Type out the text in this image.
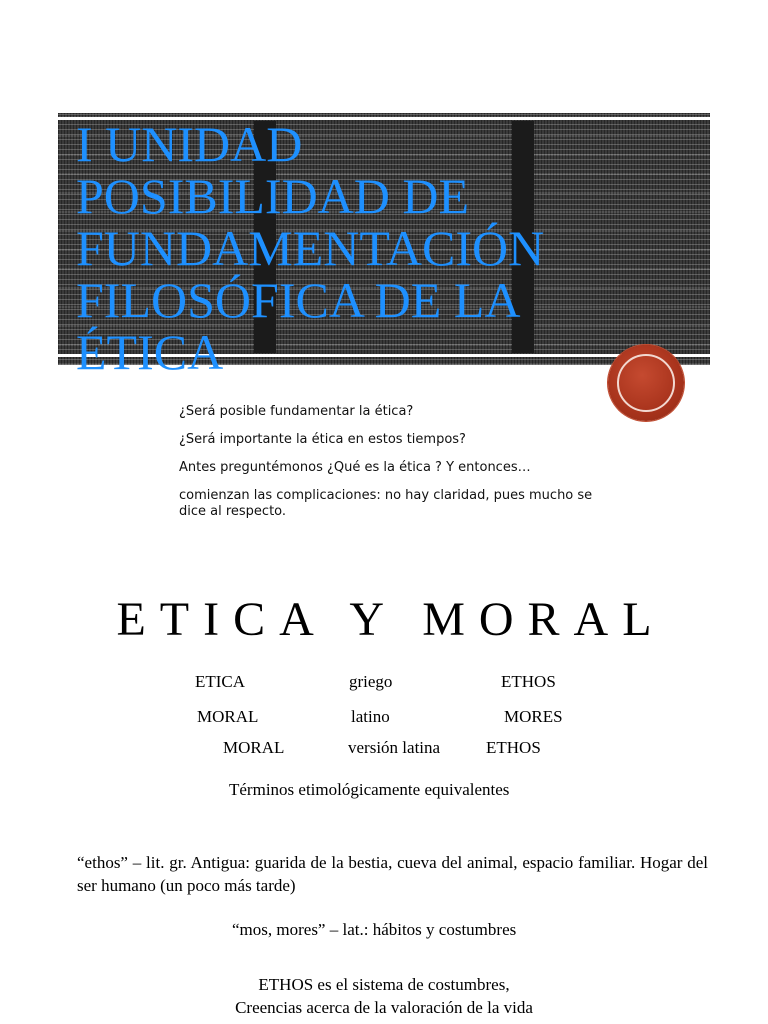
I UNIDAD
POSIBILIDAD DE
FUNDAMENTACIÓN
FILOSÓFICA DE LA
ÉTICA

¿Será posible fundamentar la ética?

¿Será importante la ética en estos tiempos?

Antes preguntémonos ¿Qué es la ética ? Y entonces…

comienzan las complicaciones: no hay claridad, pues mucho se dice al respecto.

ETICA Y MORAL
ETICA	griego	ETHOS
MORAL	latino	MORES
MORAL	versión latina	ETHOS
Términos etimológicamente equivalentes

“ethos” – lit. gr. Antigua: guarida de la bestia, cueva del animal, espacio familiar. Hogar del ser humano (un poco más tarde)

“mos, mores” – lat.: hábitos y costumbres
ETHOS es el sistema de costumbres,
Creencias acerca de la valoración de la vida
